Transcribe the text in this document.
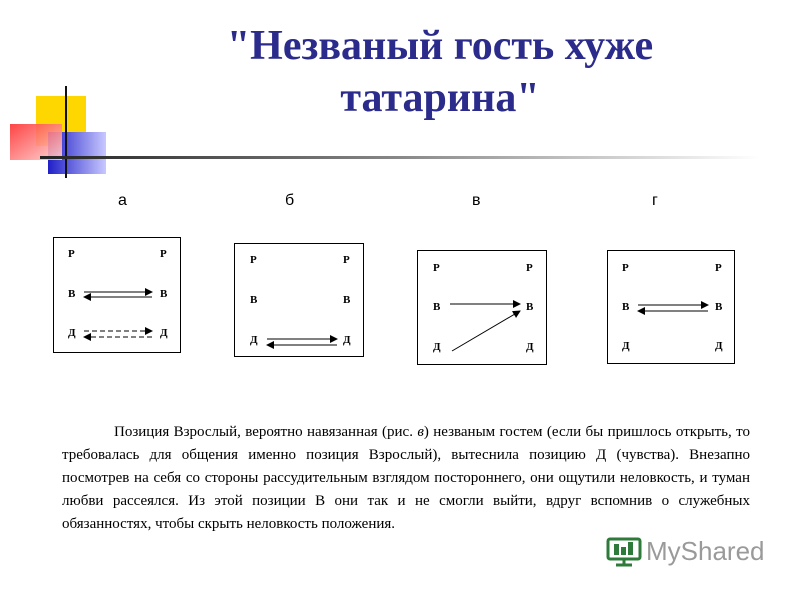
"Незваный гость хуже
татарина"
а	б	в	г
Р	Р
В	В
Д	Д
Р	Р
В	В
Д	Д
Р	Р
В	В
Д	Д
Р	Р
В	В
Д	Д

Позиция Взрослый, вероятно навязанная (рис. в) незваным гостем (если бы пришлось открыть, то требовалась для общения именно позиция Взрослый), вытеснила позицию Д (чувства). Внезапно посмотрев на себя со стороны рассудительным взглядом постороннего, они ощутили неловкость, и туман любви рассеялся. Из этой позиции В они так и не смогли выйти, вдруг вспомнив о служебных обязанностях, чтобы скрыть неловкость положения.

MyShared
